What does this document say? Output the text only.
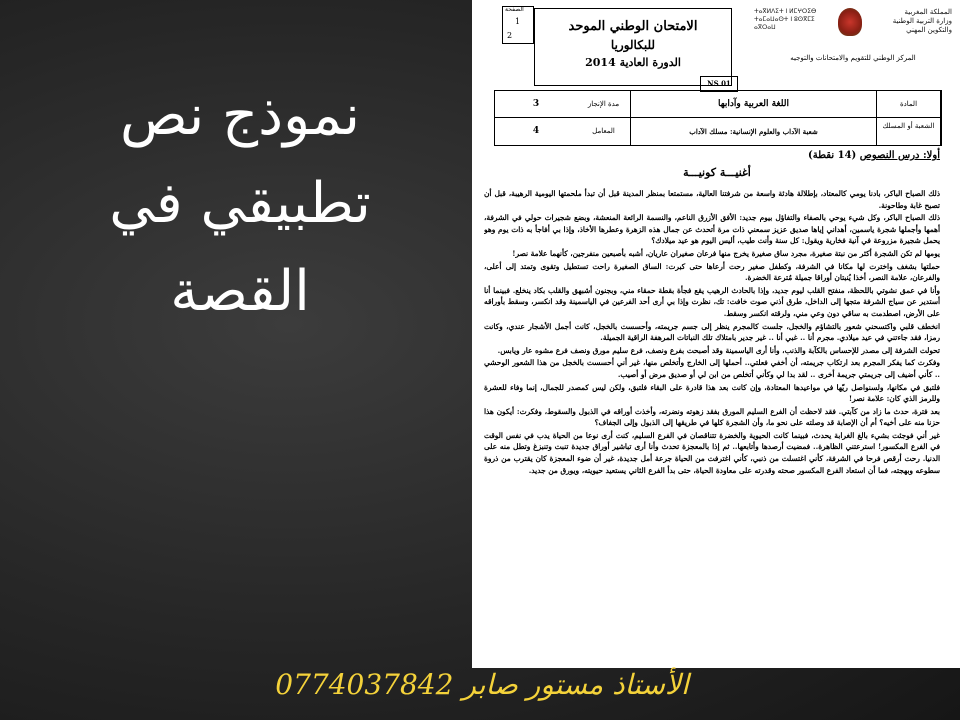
نموذج نص
تطبيقي في
القصة
الصفحة
1
2
الامتحان الوطني الموحد
للبكالوريا
الدورة العادية 2014
NS 01
ⵜⴰⴳⵍⴷⵉⵜ ⵏ ⵍⵎⵖⵔⵉⴱ
ⵜⴰⵎⴰⵡⴰⵙⵜ ⵏ ⵓⵙⴳⵎⵉ
ⴰⴳⵔⴰⵡ
المملكة المغربية
وزارة التربية الوطنية
والتكوين المهني
المركز الوطني للتقويم والامتحانات والتوجيه
المادة
اللغة العربية وآدابها
مدة الإنجاز
3
الشعبة أو المسلك
شعبة الآداب والعلوم الإنسانية: مسلك الآداب
المعامل
4
أولا: درس النصوص (14 نقطة)
أغنيـــة كونيـــة

ذلك الصباح الباكر، بادنا يومي كالمعتاد، بإطلالة هادئة واسعة من شرفتنا العالية، مستمتعا بمنظر المدينة قبل أن تبدأ ملحمتها اليومية الرهيبة، قبل أن تصبح غابة وطاحونة.

ذلك الصباح الباكر، وكل شيء يوحي بالصفاء والتفاؤل بيوم جديد: الأفق الأزرق الناعم، والنسمة الرائعة المنعشة، وبضع شجيرات حولي في الشرفة، أهمها وأجملها شجرة ياسمين، أهداني إياها صديق عزيز سمعني ذات مرة أتحدث عن جمال هذه الزهرة وعطرها الأخاذ، وإذا بي أفاجأ به ذات يوم وهو يحمل شجيرة مزروعة في آنية فخارية ويقول: كل سنة وأنت طيب، أليس اليوم هو عيد ميلادك؟

يومها لم تكن الشجرة أكثر من نبتة صغيرة، مجرد ساق صغيرة يخرج منها فرعان صغيران عاريان، أشبه بأصبعين منفرجين، كأنهما علامة نصر!

حملتها بشغف واخترت لها مكانا في الشرفة، وكطفل صغير رحت أرعاها حتى كبرت: الساق الصغيرة راحت تستطيل وتقوى وتمتد إلى أعلى، والفرعان، علامة النصر، أخذا يُنبتان أوراقا جميلة مُترعة الخضرة.

وأنا في عمق نشوتي باللحظة، منفتح القلب ليوم جديد، وإذا بالحادث الرهيب يقع فجأة بقطة حمقاء مني، وبجنون أشبهق والقلب بكاد ينخلع. فبينما أنا أستدير عن سياج الشرفة متجها إلى الداخل، طرق أذني صوت خافت: تك، نظرت وإذا بي أرى أحد الفرعين في الياسمينة وقد انكسر، وسقط بأوراقه على الأرض، اصطدمت به ساقي دون وعي مني، ولرقته انكسر وسقط.

انخطف قلبي واكتسحني شعور بالتشاؤم والخجل، جلست كالمجرم ينظر إلى جسم جريمته، وأحسست بالخجل، كانت أجمل الأشجار عندي، وكانت رمزا، فقد جاءتني في عيد ميلادي. مجرم أنا .. غبي أنا .. غير جدير بامتلاك تلك النباتات المرهفة الراقية الجميلة.

تحولت الشرفة إلى مصدر للإحساس بالكآبة والذنب، وأنا أرى الياسمينة وقد أصبحت بفرع ونصف، فرع سليم مورق ونصف فرع مشوه عار ويابس.

وفكرت كما يفكر المجرم بعد ارتكاب جريمته، أن أخفي فعلتي.. أحملها إلى الخارج وأتخلص منها، غير أني أحسست بالخجل من هذا الشعور الوحشي .. كأني أضيف إلى جريمتي جريمة أخرى .. لقد بدا لي وكأني أتخلص من ابن لي أو صديق مرض أو أصيب.

فلتبق في مكانها، ولسنواصل ريّها في مواعيدها المعتادة، وإن كانت بعد هذا قادرة على البقاء فلتبق، ولكن ليس كمصدر للجمال، إنما وفاء للعشرة وللرمز الذي كان: علامة نصر!

بعد فترة، حدث ما زاد من كآبتي. فقد لاحظت أن الفرع السليم المورق بفقد زهوته ونضرته، وأخذت أوراقه في الذبول والسقوط، وفكرت: أيكون هذا حزنا منه على أخيه؟ أم أن الإصابة قد وصلته على نحو ما، وأن الشجرة كلها في طريقها إلى الذبول وإلى الجفاف؟

غير أني فوجئت بشيء بالغ الغرابة يحدث، فبينما كانت الحيوية والخضرة تتناقصان في الفرع السليم، كنت أرى نوعا من الحياة يدب في نفس الوقت في الفرع المكسور! استرعتني الظاهرة.. فمضيت أرصدها وأتابعها.. ثم إذا بالمعجزة تحدث وأنا أرى تباشير أوراق جديدة تنبت وتنبزغ وتطل منه على الدنيا. رحت أرقص فرحا في الشرفة، كأني اغتسلت من ذنبي، كأني اغترفت من الحياة جرعة أمل جديدة، غير أن ضوء المعجزة كان يقترب من ذروة سطوعه وبهجته، فما أن استعاد الفرع المكسور صحته وقدرته على معاودة الحياة، حتى بدأ الفرع الثاني يستعيد حيويته، ويورق من جديد.

الأستاذ مستور صابر 0774037842
